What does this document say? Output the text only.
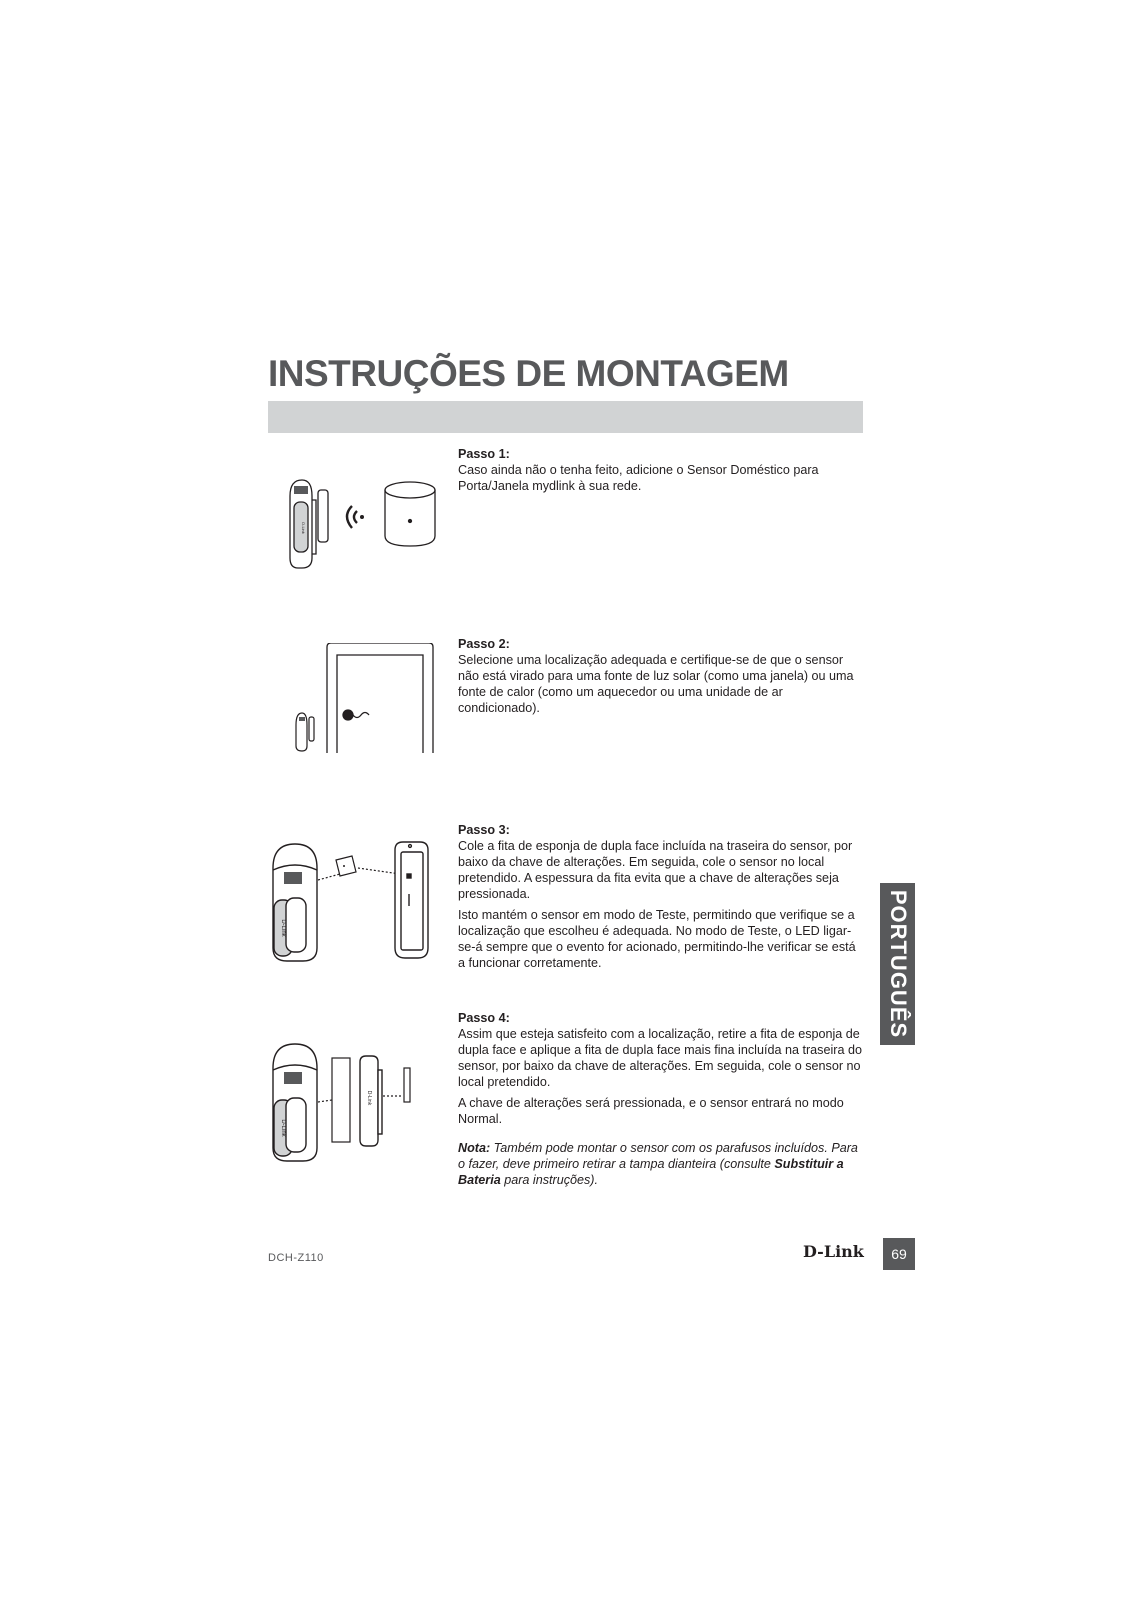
INSTRUÇÕES DE MONTAGEM
D-Link
Passo 1:

Caso ainda não o tenha feito, adicione o Sensor Doméstico para Porta/Janela mydlink à sua rede.

Passo 2:

Selecione uma localização adequada e certifique-se de que o sensor não está virado para uma fonte de luz solar (como uma janela) ou uma fonte de calor (como um aquecedor ou uma unidade de ar condicionado).

D-Link
Passo 3:

Cole a fita de esponja de dupla face incluída na traseira do sensor, por baixo da chave de alterações. Em seguida, cole o sensor no local pretendido. A espessura da fita evita que a chave de alterações seja pressionada.

Isto mantém o sensor em modo de Teste, permitindo que verifique se a localização que escolheu é adequada. No modo de Teste, o LED ligar-se-á sempre que o evento for acionado, permitindo-lhe verificar se está a funcionar corretamente.	PORTUGUÊS
D-Link
D-Link
Passo 4:

Assim que esteja satisfeito com a localização, retire a fita de esponja de dupla face e aplique a fita de dupla face mais fina incluída na traseira do sensor, por baixo da chave de alterações. Em seguida, cole o sensor no local pretendido.

A chave de alterações será pressionada, e o sensor entrará no modo Normal.

Nota: Também pode montar o sensor com os parafusos incluídos. Para o fazer, deve primeiro retirar a tampa dianteira (consulte Substituir a Bateria para instruções).

DCH-Z110	D-Link	69
